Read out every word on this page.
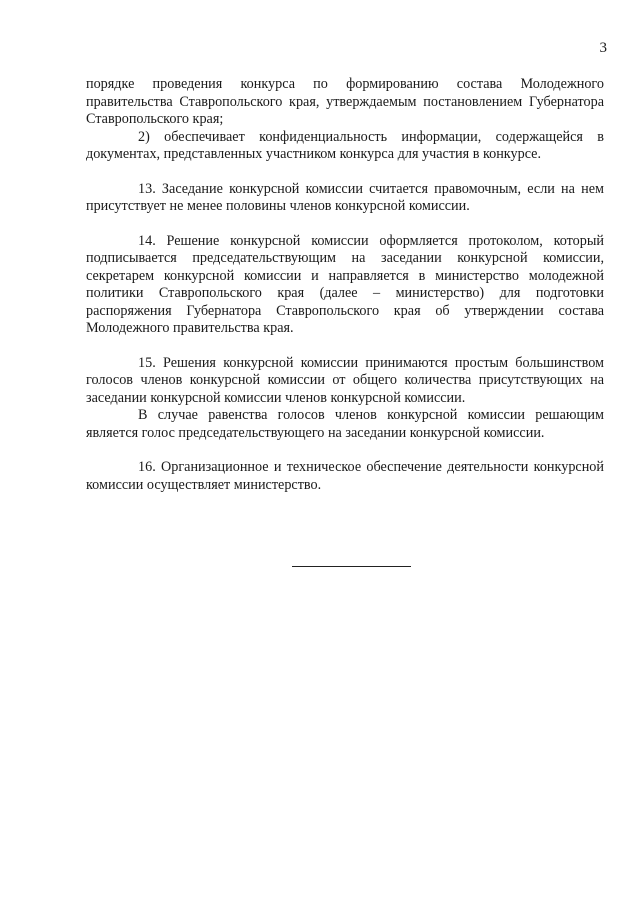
3

порядке проведения конкурса по формированию состава Молодежного правительства Ставропольского края, утверждаемым постановлением Губернатора Ставропольского края;

2) обеспечивает конфиденциальность информации, содержащейся в документах, представленных участником конкурса для участия в конкурсе.

13. Заседание конкурсной комиссии считается правомочным, если на нем присутствует не менее половины членов конкурсной комиссии.

14. Решение конкурсной комиссии оформляется протоколом, который подписывается председательствующим на заседании конкурсной комиссии, секретарем конкурсной комиссии и направляется в министерство молодежной политики Ставропольского края (далее – министерство) для подготовки распоряжения Губернатора Ставропольского края об утверждении состава Молодежного правительства края.

15. Решения конкурсной комиссии принимаются простым большинством голосов членов конкурсной комиссии от общего количества присутствующих на заседании конкурсной комиссии членов конкурсной комиссии.

В случае равенства голосов членов конкурсной комиссии решающим является голос председательствующего на заседании конкурсной комиссии.

16. Организационное и техническое обеспечение деятельности конкурсной комиссии осуществляет министерство.
